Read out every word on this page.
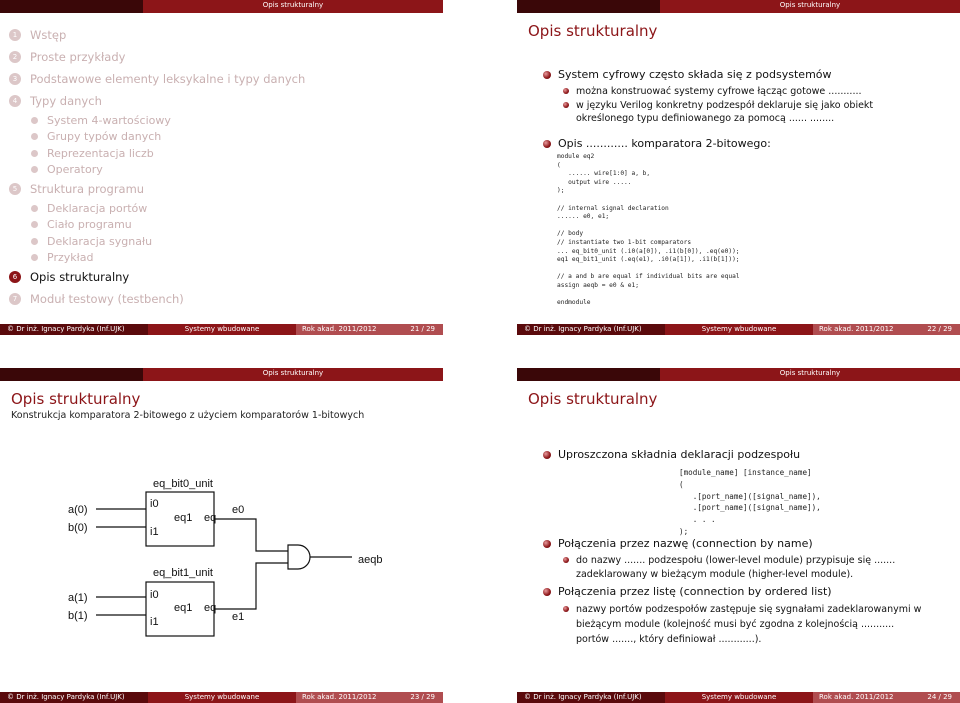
Opis strukturalny
1	Wstęp
2	Proste przykłady
3	Podstawowe elementy leksykalne i typy danych
4	Typy danych
System 4-wartościowy
Grupy typów danych
Reprezentacja liczb
Operatory
5	Struktura programu
Deklaracja portów
Ciało programu
Deklaracja sygnału
Przykład
6	Opis strukturalny
7	Moduł testowy (testbench)
© Dr inż. Ignacy Pardyka (Inf.UJK)	Systemy wbudowane	Rok akad. 2011/2012	21 / 29
Opis strukturalny
Opis strukturalny
System cyfrowy często składa się z podsystemów
można konstruować systemy cyfrowe łącząc gotowe ...........
w języku Verilog konkretny podzespół deklaruje się jako obiekt
określonego typu definiowanego za pomocą ...... ........
Opis ............ komparatora 2-bitowego:
module eq2
(
...... wire[1:0] a, b,
output wire .....
);
// internal signal declaration
...... e0, e1;
// body
// instantiate two 1-bit comparators
... eq_bit0_unit (.i0(a[0]), .i1(b[0]), .eq(e0));
eq1 eq_bit1_unit (.eq(e1), .i0(a[1]), .i1(b[1]));
// a and b are equal if individual bits are equal
assign aeqb = e0 & e1;
endmodule
© Dr inż. Ignacy Pardyka (Inf.UJK)	Systemy wbudowane	Rok akad. 2011/2012	22 / 29
Opis strukturalny
Opis strukturalny
Konstrukcja komparatora 2-bitowego z użyciem komparatorów 1-bitowych
eq_bit0_unit
eq_bit1_unit
a(0)
b(0)
a(1)
b(1)
i0
i1
eq1 eq
i0
i1
eq1 eq
e0
e1
aeqb
© Dr inż. Ignacy Pardyka (Inf.UJK)	Systemy wbudowane	Rok akad. 2011/2012	23 / 29
Opis strukturalny
Opis strukturalny
Uproszczona składnia deklaracji podzespołu
[module_name] [instance_name]
(
.[port_name]([signal_name]),
.[port_name]([signal_name]),
. . .
);
Połączenia przez nazwę (connection by name)
do nazwy ....... podzespołu (lower-level module) przypisuje się .......
zadeklarowany w bieżącym module (higher-level module).
Połączenia przez listę (connection by ordered list)
nazwy portów podzespołów zastępuje się sygnałami zadeklarowanymi w
bieżącym module (kolejność musi być zgodna z kolejnością ...........
portów ......., który definiował ............).
© Dr inż. Ignacy Pardyka (Inf.UJK)	Systemy wbudowane	Rok akad. 2011/2012	24 / 29
